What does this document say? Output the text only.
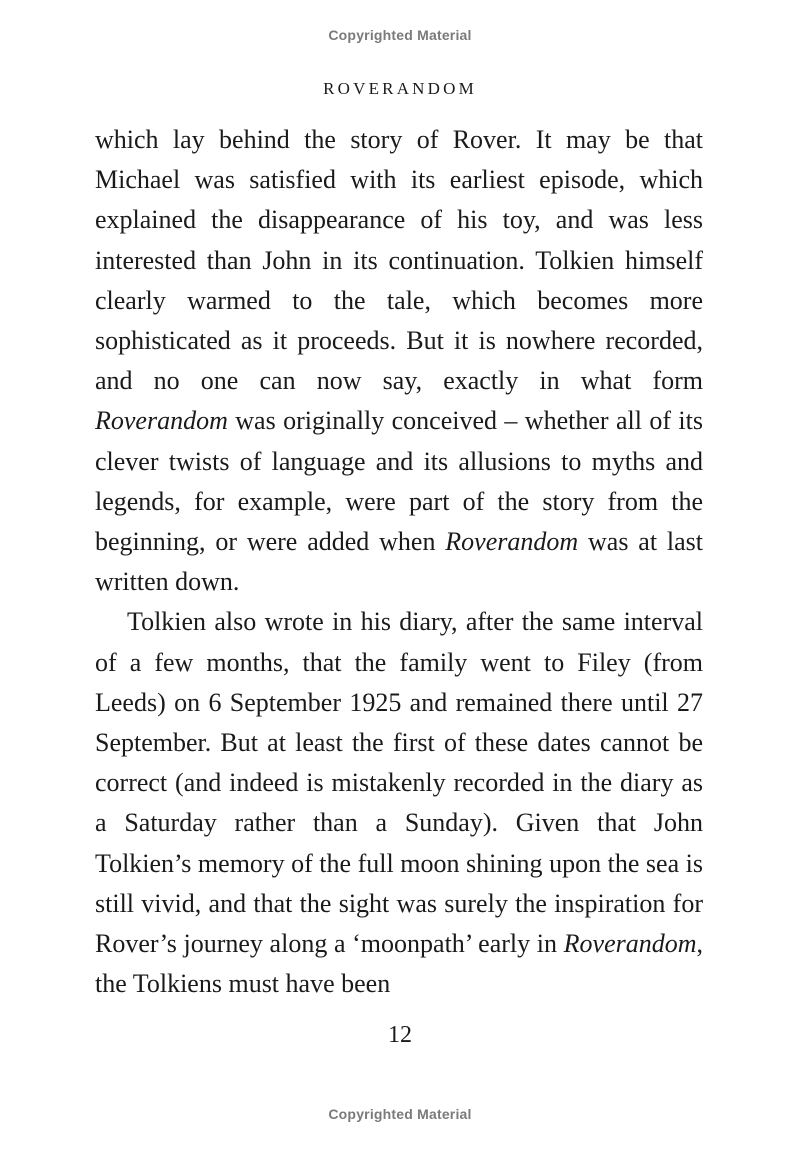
Copyrighted Material
ROVERANDOM

which lay behind the story of Rover. It may be that Michael was satisfied with its earliest episode, which explained the disappearance of his toy, and was less interested than John in its continuation. Tolkien himself clearly warmed to the tale, which becomes more sophisticated as it proceeds. But it is nowhere recorded, and no one can now say, exactly in what form Roverandom was originally conceived – whether all of its clever twists of language and its allusions to myths and legends, for example, were part of the story from the beginning, or were added when Roverandom was at last written down.

Tolkien also wrote in his diary, after the same interval of a few months, that the family went to Filey (from Leeds) on 6 September 1925 and remained there until 27 September. But at least the first of these dates cannot be correct (and indeed is mistakenly recorded in the diary as a Saturday rather than a Sunday). Given that John Tolkien’s memory of the full moon shining upon the sea is still vivid, and that the sight was surely the inspiration for Rover’s journey along a ‘moonpath’ early in Roverandom, the Tolkiens must have been

12
Copyrighted Material
